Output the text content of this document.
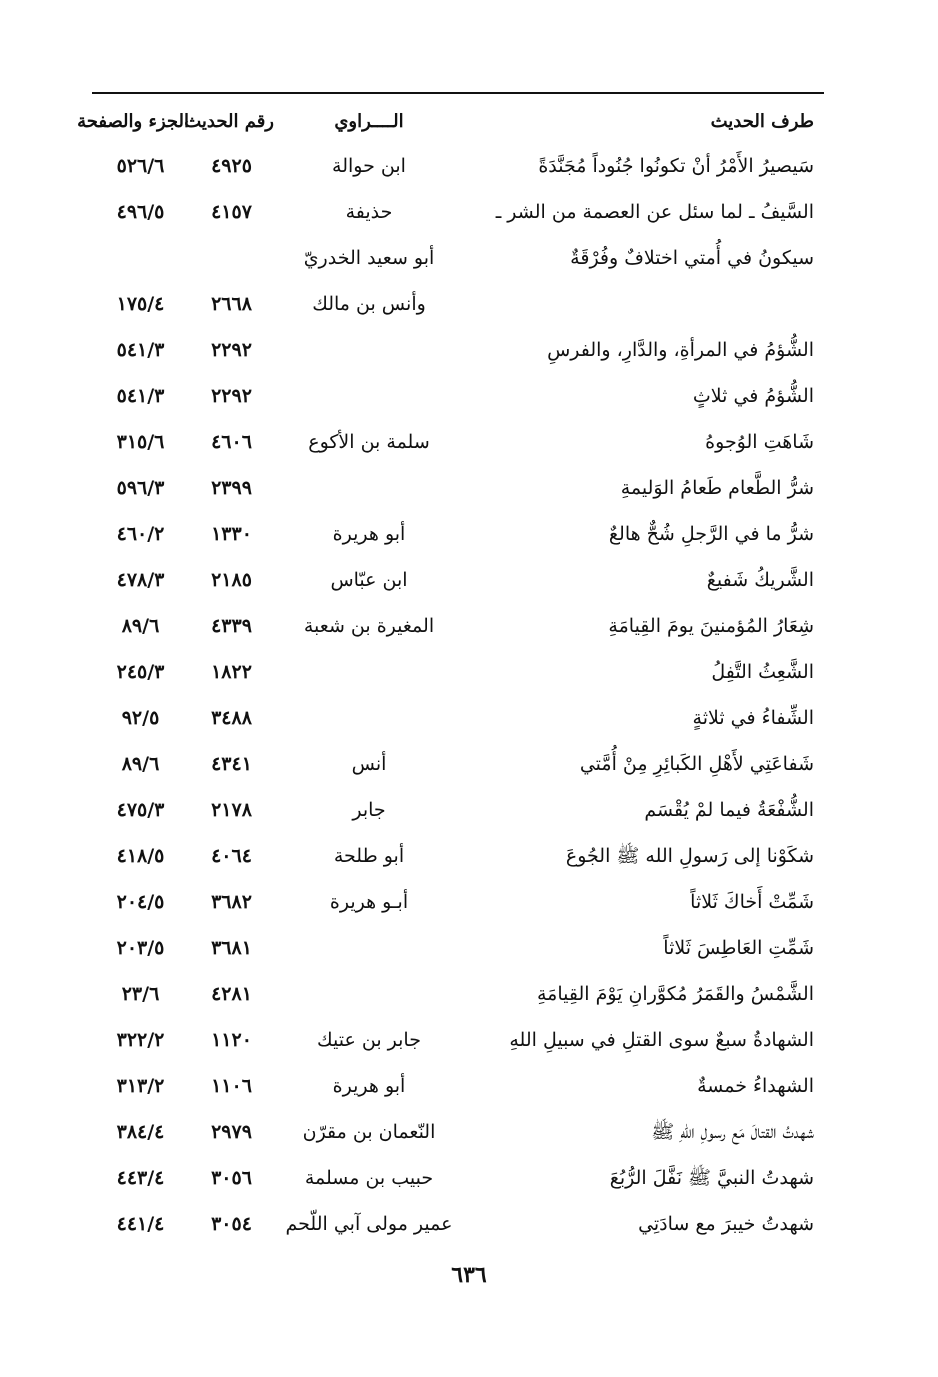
طرف الحديث
الــــراوي
رقم الحديث
الجزء والصفحة
سَيصيرُ الأَمْرُ أنْ تكونُوا جُنُوداً مُجَنَّدَةً
ابن حوالة
٤٩٢٥
٥٢٦/٦
السَّيفُ ـ لما سئل عن العصمة من الشر ـ
حذيفة
٤١٥٧
٤٩٦/٥
سيكونُ في أُمتي اختلافٌ وفُرْقَةٌ
أبو سعيد الخدريّ
وأنس بن مالك
٢٦٦٨
١٧٥/٤
الشُّؤمُ في المرأةِ، والدَّارِ، والفرسِ
٢٢٩٢
٥٤١/٣
الشُّؤمُ في ثلاثٍ
٢٢٩٢
٥٤١/٣
شَاهَتِ الوُجوهُ
سلمة بن الأكوع
٤٦٠٦
٣١٥/٦
شرُّ الطَّعام طَعامُ الوَليمةِ
٢٣٩٩
٥٩٦/٣
شرُّ ما في الرَّجلِ شُحٌّ هالعٌ
أبو هريرة
١٣٣٠
٤٦٠/٢
الشَّريكُ شَفيعٌ
ابن عبّاس
٢١٨٥
٤٧٨/٣
شِعَارُ المُؤمنينَ يومَ القِيامَةِ
المغيرة بن شعبة
٤٣٣٩
٨٩/٦
الشَّعِثُ التَّفِلُ
١٨٢٢
٢٤٥/٣
الشِّفاءُ في ثلاثةٍ
٣٤٨٨
٩٢/٥
شَفاعَتِي لأَهْلِ الكَبائِرِ مِنْ أُمَّتي
أنس
٤٣٤١
٨٩/٦
الشُّفْعَةُ فيما لمْ يُقْسَم
جابر
٢١٧٨
٤٧٥/٣
شكَوْنا إلى رَسولِ الله ﷺ الجُوعَ
أبو طلحة
٤٠٦٤
٤١٨/٥
شَمِّتْ أَخاكَ ثَلاثاً
أبـو هريرة
٣٦٨٢
٢٠٤/٥
شَمِّتِ العَاطِسَ ثَلاثاً
٣٦٨١
٢٠٣/٥
الشَّمْسُ والقَمَرُ مُكوَّرانِ يَوْمَ القِيامَةِ
٤٢٨١
٢٣/٦
الشهادةُ سبعٌ سوى القتلِ في سبيلِ اللهِ
جابر بن عتيك
١١٢٠
٣٢٢/٢
الشهداءُ خمسةٌ
أبو هريرة
١١٠٦
٣١٣/٢
شهدتُ القتالَ مَع رسولِ اللهِ ﷺ
النّعمان بن مقرّن
٢٩٧٩
٣٨٤/٤
شهدتُ النبيَّ ﷺ نَفَّلَ الرُّبُعَ
حبيب بن مسلمة
٣٠٥٦
٤٤٣/٤
شهدتُ خيبرَ مع سادَتِي
عمير مولى آبي اللّحم
٣٠٥٤
٤٤١/٤
٦٣٦
